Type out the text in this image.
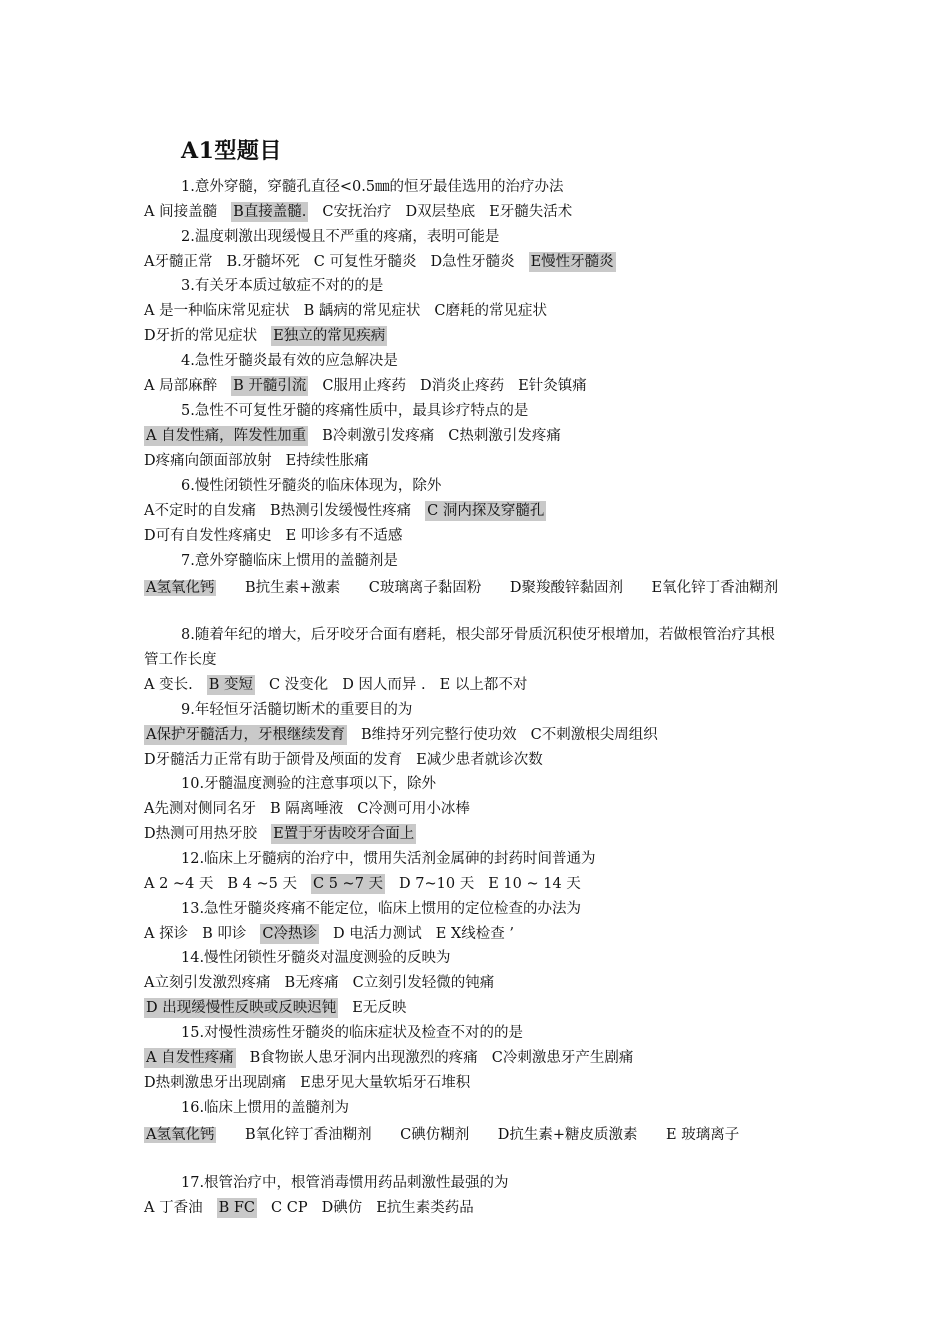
A1型题目
1.意外穿髓，穿髓孔直径<0.5㎜的恒牙最佳选用的治疗办法
A 间接盖髓 B直接盖髓. C安抚治疗 D双层垫底 E牙髓失活术
2.温度刺激出现缓慢且不严重的疼痛，表明可能是
A牙髓正常 B.牙髓坏死 C 可复性牙髓炎 D急性牙髓炎 E慢性牙髓炎
3.有关牙本质过敏症不对的的是
A 是一种临床常见症状 B 龋病的常见症状 C磨耗的常见症状
D牙折的常见症状 E独立的常见疾病
4.急性牙髓炎最有效的应急解决是
A 局部麻醉 B 开髓引流 C服用止疼药 D消炎止疼药 E针灸镇痛
5.急性不可复性牙髓的疼痛性质中，最具诊疗特点的是
A 自发性痛，阵发性加重 B冷刺激引发疼痛 C热刺激引发疼痛
D疼痛向颌面部放射 E持续性胀痛
6.慢性闭锁性牙髓炎的临床体现为，除外
A不定时的自发痛 B热测引发缓慢性疼痛 C 洞内探及穿髓孔
D可有自发性疼痛史 E 叩诊多有不适感
7.意外穿髓临床上惯用的盖髓剂是
A氢氧化钙　 B抗生素+激素　 C玻璃离子黏固粉　 D聚羧酸锌黏固剂　 E氧化锌丁香油糊剂　
8.随着年纪的增大，后牙咬牙合面有磨耗，根尖部牙骨质沉积使牙根增加，若做根管治疗其根管工作长度
A 变长. B 变短 C 没变化 D 因人而异 . E 以上都不对
9.年轻恒牙活髓切断术的重要目的为
A保护牙髓活力，牙根继续发育 B维持牙列完整行使功效 C不刺激根尖周组织
D牙髓活力正常有助于颌骨及颅面的发育 E减少患者就诊次数
10.牙髓温度测验的注意事项以下，除外
A先测对侧同名牙 B 隔离唾液 C冷测可用小冰棒
D热测可用热牙胶 E置于牙齿咬牙合面上
12.临床上牙髓病的治疗中，惯用失活剂金属砷的封药时间普通为
A 2 ~4 天 B 4 ~5 天 C 5 ~7 天 D 7~10 天 E 10 ~ 14 天
13.急性牙髓炎疼痛不能定位，临床上惯用的定位检查的办法为
A 探诊 B 叩诊 C冷热诊 D 电活力测试 E X线检查 ’
14.慢性闭锁性牙髓炎对温度测验的反映为
A立刻引发激烈疼痛 B无疼痛 C立刻引发轻微的钝痛
D 出现缓慢性反映或反映迟钝 E无反映
15.对慢性溃疡性牙髓炎的临床症状及检查不对的的是
A 自发性疼痛 B食物嵌人患牙洞内出现激烈的疼痛 C冷刺激患牙产生剧痛
D热刺激患牙出现剧痛 E患牙见大量软垢牙石堆积
16.临床上惯用的盖髓剂为
A氢氧化钙　 B氧化锌丁香油糊剂　 C碘仿糊剂　 D抗生素+糖皮质激素　 E 玻璃离子　
17.根管治疗中，根管消毒惯用药品刺激性最强的为
A 丁香油 B FC C CP D碘仿 E抗生素类药品
